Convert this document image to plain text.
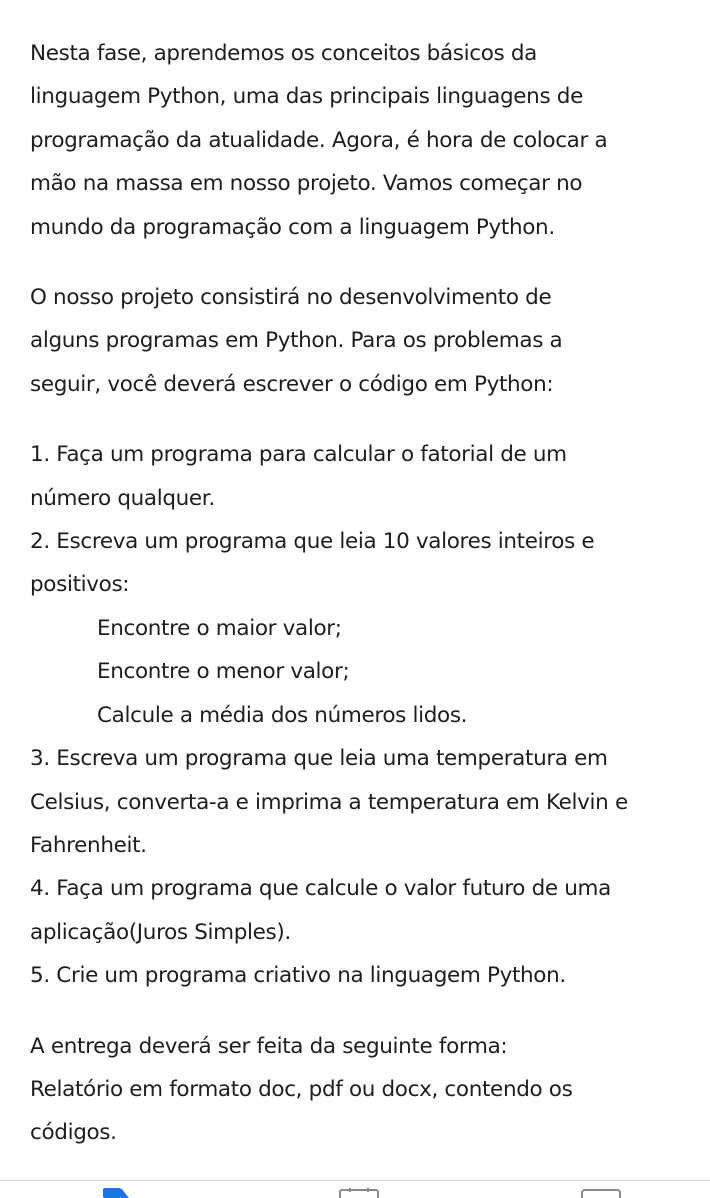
Nesta fase, aprendemos os conceitos básicos da

linguagem Python, uma das principais linguagens de

programação da atualidade. Agora, é hora de colocar a

mão na massa em nosso projeto. Vamos começar no

mundo da programação com a linguagem Python.

O nosso projeto consistirá no desenvolvimento de

alguns programas em Python. Para os problemas a

seguir, você deverá escrever o código em Python:

1. Faça um programa para calcular o fatorial de um

número qualquer.

2. Escreva um programa que leia 10 valores inteiros e

positivos:

Encontre o maior valor;

Encontre o menor valor;

Calcule a média dos números lidos.

3. Escreva um programa que leia uma temperatura em

Celsius, converta-a e imprima a temperatura em Kelvin e

Fahrenheit.

4. Faça um programa que calcule o valor futuro de uma

aplicação(Juros Simples).

5. Crie um programa criativo na linguagem Python.

A entrega deverá ser feita da seguinte forma:

Relatório em formato doc, pdf ou docx, contendo os

códigos.
